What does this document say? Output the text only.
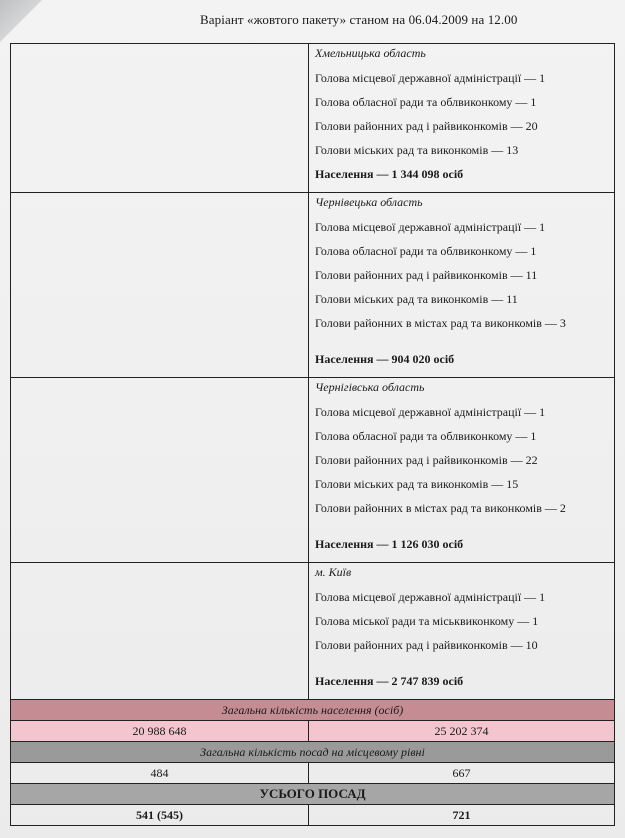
Варіант «жовтого пакету» станом на 06.04.2009 на 12.00
Хмельницька область
Голова місцевої державної адміністрації — 1
Голова обласної ради та облвиконкому — 1
Голови районних рад і райвиконкомів — 20
Голови міських рад та виконкомів — 13
Населення — 1 344 098 осіб
Чернівецька область
Голова місцевої державної адміністрації — 1
Голова обласної ради та облвиконкому — 1
Голови районних рад і райвиконкомів — 11
Голови міських рад та виконкомів — 11
Голови районних в містах рад та виконкомів — 3
Населення — 904 020 осіб
Чернігівська область
Голова місцевої державної адміністрації — 1
Голова обласної ради та облвиконкому — 1
Голови районних рад і райвиконкомів — 22
Голови міських рад та виконкомів — 15
Голови районних в містах рад та виконкомів — 2
Населення — 1 126 030 осіб
м. Київ
Голова місцевої державної адміністрації — 1
Голова міської ради та міськвиконкому — 1
Голови районних рад і райвиконкомів — 10
Населення — 2 747 839 осіб
Загальна кількість населення (осіб)
20 988 648	25 202 374
Загальна кількість посад на місцевому рівні
484	667
УСЬОГО ПОСАД
541 (545)	721
